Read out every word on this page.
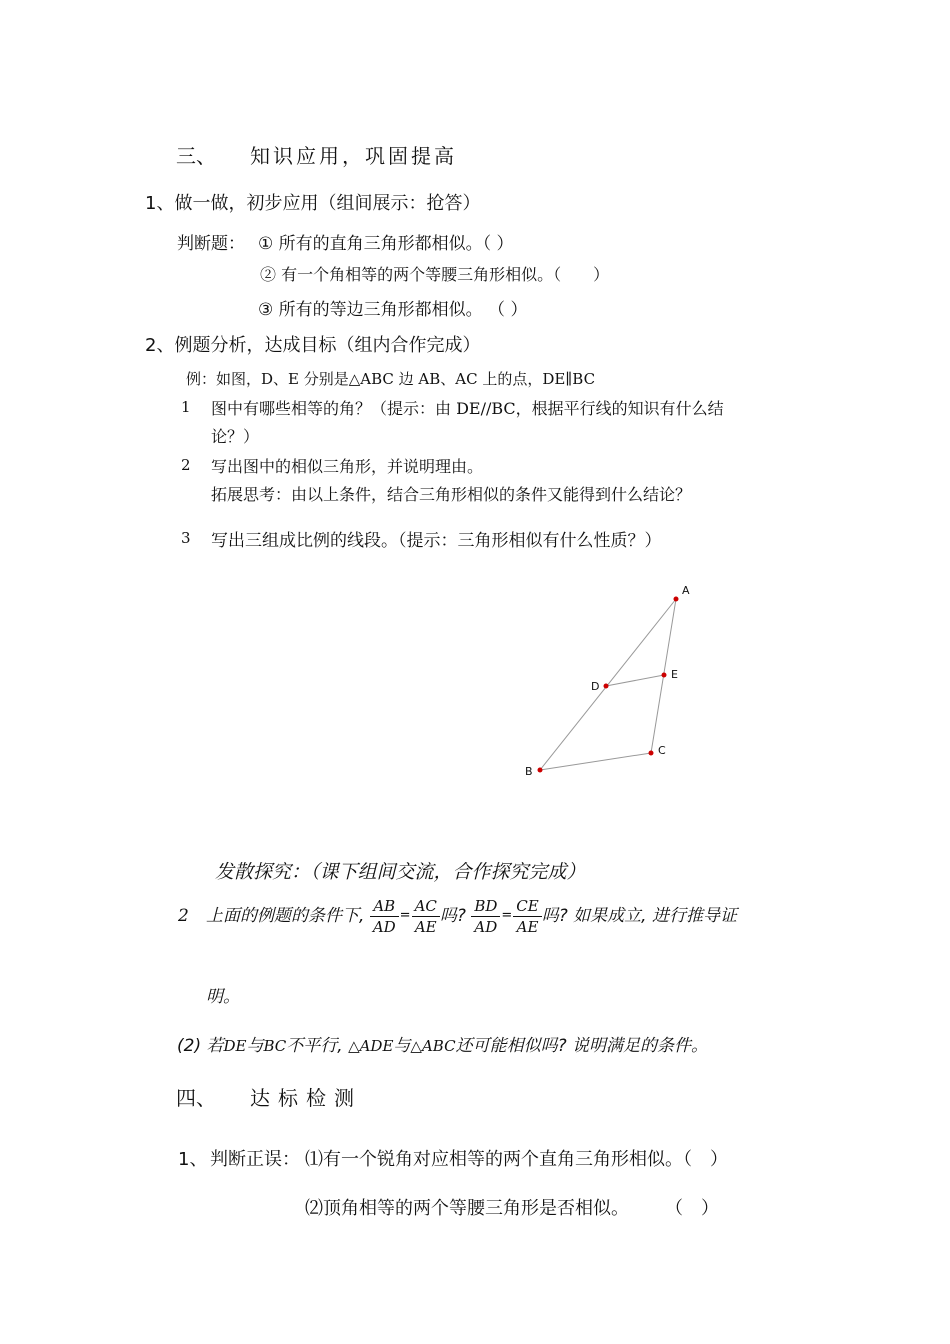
三、 知识应用，巩固提高
1、做一做，初步应用（组间展示：抢答）
判断题： ① 所有的直角三角形都相似。（ ）
② 有一个角相等的两个等腰三角形相似。（　　）
③ 所有的等边三角形都相似。 （ ）
2、例题分析，达成目标（组内合作完成）
例：如图，D、E 分别是△ABC 边 AB、AC 上的点，DE∥BC
1 图中有哪些相等的角？（提示：由 DE//BC，根据平行线的知识有什么结
论？）
2 写出图中的相似三角形，并说明理由。
拓展思考：由以上条件，结合三角形相似的条件又能得到什么结论？
3 写出三组成比例的线段。（提示：三角形相似有什么性质？）
A
B
C
D
E
发散探究：（课下组间交流，合作探究完成）
2 上面的例题的条件下, $\frac{AB}{AD} = \frac{AC}{AE}$ 吗? $\frac{BD}{AD} = \frac{CE}{AE}$ 吗? 如果成立, 进行推导证
明。
(2) 若DE与BC不平行, △ADE与△ABC还可能相似吗? 说明满足的条件。
四、 达标检测
1、 判断正误： ⑴有一个锐角对应相等的两个直角三角形相似。（　）
⑵顶角相等的两个等腰三角形是否相似。　　　（　）
